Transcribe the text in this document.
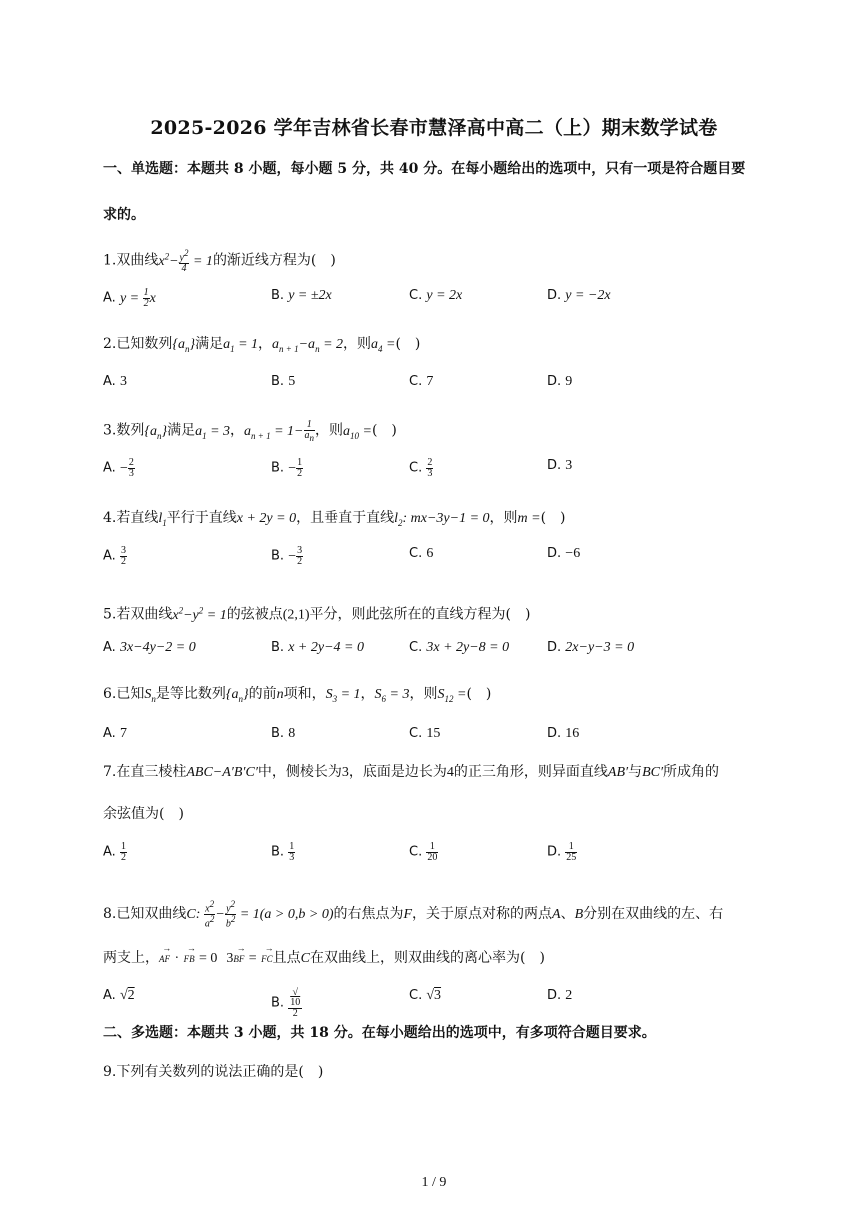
2025-2026 学年吉林省长春市慧泽高中高二（上）期末数学试卷
一、单选题：本题共 8 小题，每小题 5 分，共 40 分。在每小题给出的选项中，只有一项是符合题目要
求的。
1.双曲线$x^2- \frac{y^2}{4} = 1$的渐近线方程为(　)
A. $y = \frac{1}{2}$ x	B. y = ±2x	C. y = 2x	D. y = −2x
2.已知数列$\{a_n\}$满足$a_1 = 1$，$a_{n + 1}-a_n = 2$，则$a_4$ =(　)
A. 3	B. 5	C. 7	D. 9
3.数列$\{a_n\}$满足$a_1 = 3$，$a_{n + 1} = 1- \frac{1}{a_n}$ ，则$a_{10}$ =(　)
A. − $\frac{2}{3}$	B. − $\frac{1}{2}$	C. $\frac{2}{3}$	D. 3
4.若直线$l_1$平行于直线x + 2y = 0，且垂直于直线$l_2$: mx−3y−1 = 0，则m =(　)
A. $\frac{3}{2}$	B. − $\frac{3}{2}$	C. 6	D. −6
5.若双曲线$x^2-y^2 = 1$的弦被点(2,1)平分，则此弦所在的直线方程为(　)
A. 3x−4y−2 = 0	B. x + 2y−4 = 0	C. 3x + 2y−8 = 0	D. 2x−y−3 = 0
6.已知$S_n$是等比数列$\{a_n\}$的前n项和，$S_3 = 1$，$S_6 = 3$，则$S_{12}$ =(　)
A. 7	B. 8	C. 15	D. 16
7.在直三棱柱ABC−A′B′C′中，侧棱长为3，底面是边长为4的正三角形，则异面直线AB′与BC′所成角的
余弦值为(　)
A. $\frac{1}{2}$	B. $\frac{1}{3}$	C. $\frac{1}{20}$	D. $\frac{1}{25}$
8.已知双曲线C: $\frac{x^2}{a^2} - \frac{y^2}{b^2} = 1(a > 0,b > 0)$的右焦点为F，关于原点对称的两点A、B分别在双曲线的左、右
两支上，→ AF · → FB = 0 3→ BF = → FC且点C在双曲线上，则双曲线的离心率为(　)
A. √2
B. √
10
2	C. √3	D. 2
二、多选题：本题共 3 小题，共 18 分。在每小题给出的选项中，有多项符合题目要求。
9.下列有关数列的说法正确的是(　)
1 / 9
